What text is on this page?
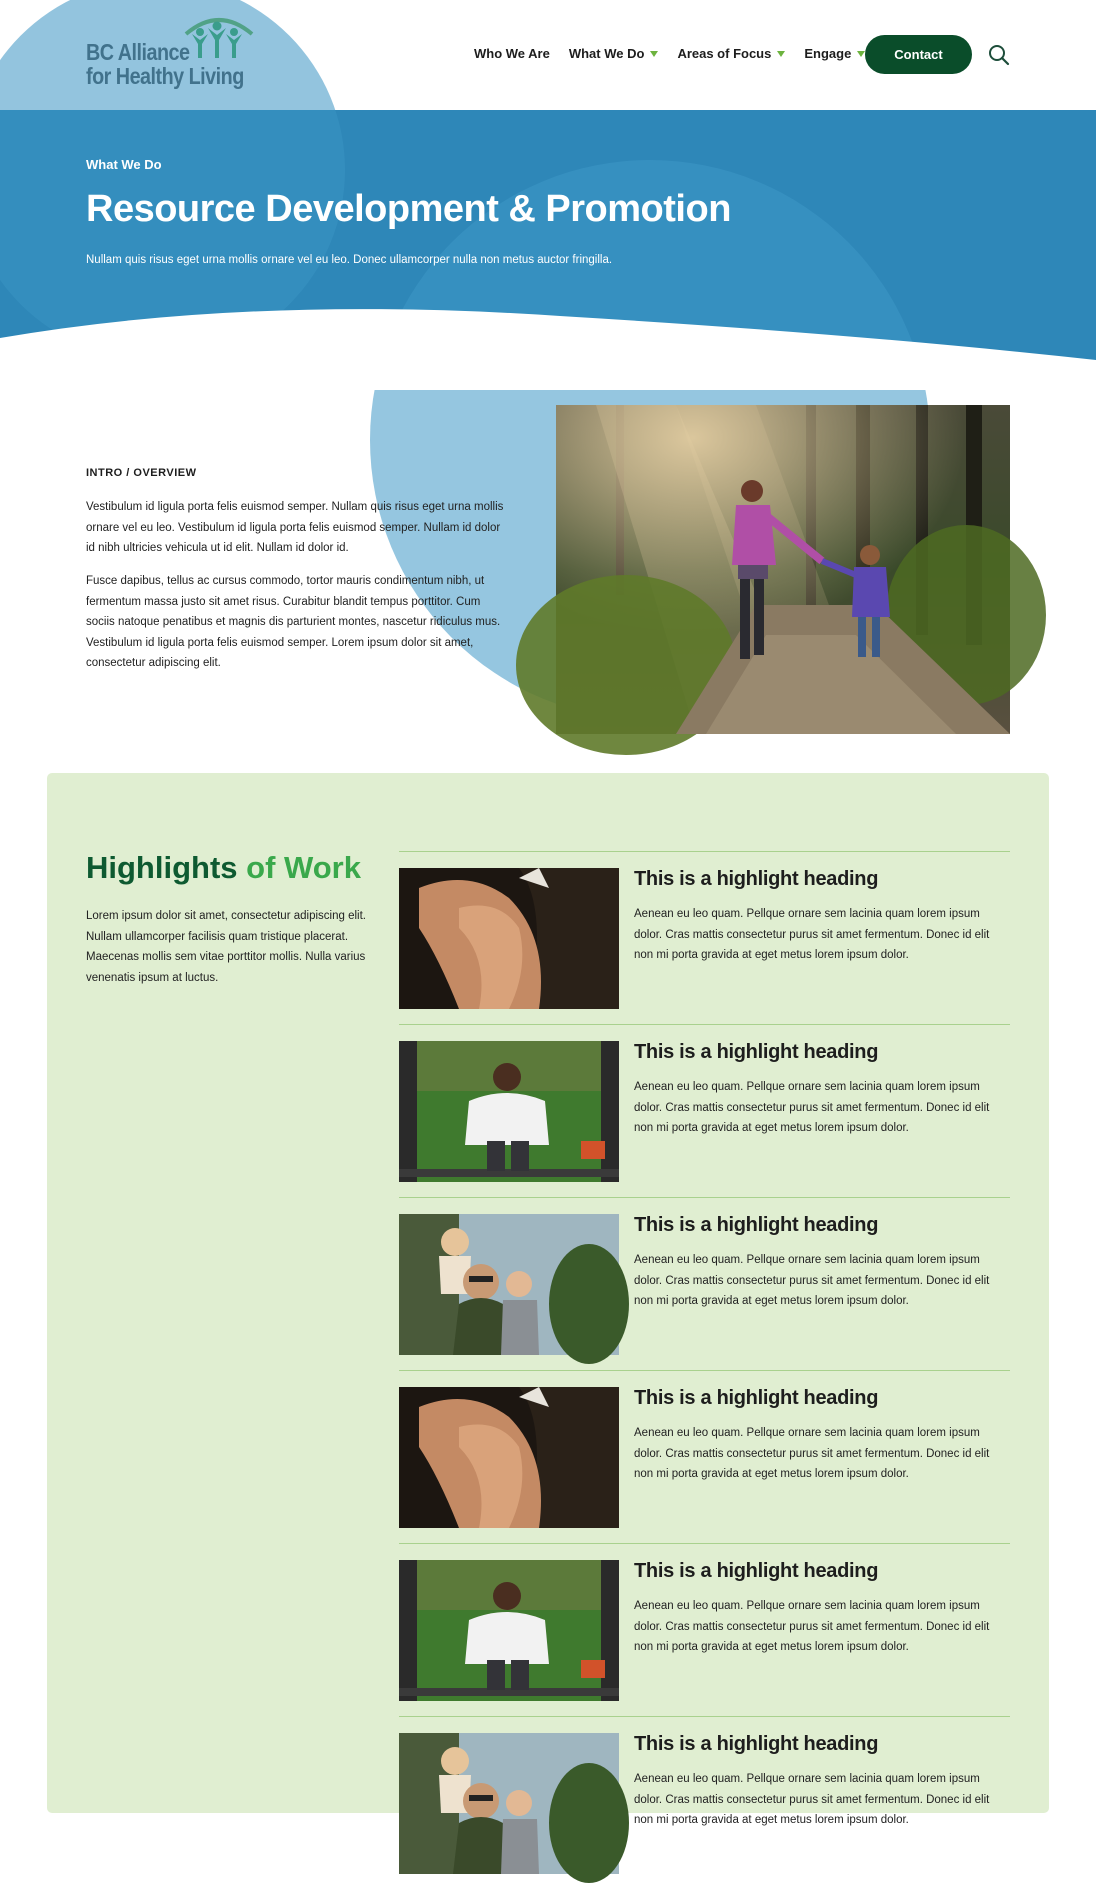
Who We Are What We Do	Areas of Focus	Engage	Contact
What We Do
Resource Development & Promotion

Nullam quis risus eget urna mollis ornare vel eu leo. Donec ullamcorper nulla non metus auctor fringilla.

INTRO / OVERVIEW

Vestibulum id ligula porta felis euismod semper. Nullam quis risus eget urna mollis ornare vel eu leo. Vestibulum id ligula porta felis euismod semper. Nullam id dolor id nibh ultricies vehicula ut id elit. Nullam id dolor id.

Fusce dapibus, tellus ac cursus commodo, tortor mauris condimentum nibh, ut fermentum massa justo sit amet risus. Curabitur blandit tempus porttitor. Cum sociis natoque penatibus et magnis dis parturient montes, nascetur ridiculus mus. Vestibulum id ligula porta felis euismod semper. Lorem ipsum dolor sit amet, consectetur adipiscing elit.

Highlights of Work

Lorem ipsum dolor sit amet, consectetur adipiscing elit. Nullam ullamcorper facilisis quam tristique placerat. Maecenas mollis sem vitae porttitor mollis. Nulla varius venenatis ipsum at luctus.

This is a highlight heading
Aenean eu leo quam. Pellque ornare sem lacinia quam lorem ipsum dolor. Cras mattis consectetur purus sit amet fermentum. Donec id elit non mi porta gravida at eget metus lorem ipsum dolor.
This is a highlight heading
Aenean eu leo quam. Pellque ornare sem lacinia quam lorem ipsum dolor. Cras mattis consectetur purus sit amet fermentum. Donec id elit non mi porta gravida at eget metus lorem ipsum dolor.
This is a highlight heading
Aenean eu leo quam. Pellque ornare sem lacinia quam lorem ipsum dolor. Cras mattis consectetur purus sit amet fermentum. Donec id elit non mi porta gravida at eget metus lorem ipsum dolor.
This is a highlight heading
Aenean eu leo quam. Pellque ornare sem lacinia quam lorem ipsum dolor. Cras mattis consectetur purus sit amet fermentum. Donec id elit non mi porta gravida at eget metus lorem ipsum dolor.
This is a highlight heading
Aenean eu leo quam. Pellque ornare sem lacinia quam lorem ipsum dolor. Cras mattis consectetur purus sit amet fermentum. Donec id elit non mi porta gravida at eget metus lorem ipsum dolor.
This is a highlight heading
Aenean eu leo quam. Pellque ornare sem lacinia quam lorem ipsum dolor. Cras mattis consectetur purus sit amet fermentum. Donec id elit non mi porta gravida at eget metus lorem ipsum dolor.
